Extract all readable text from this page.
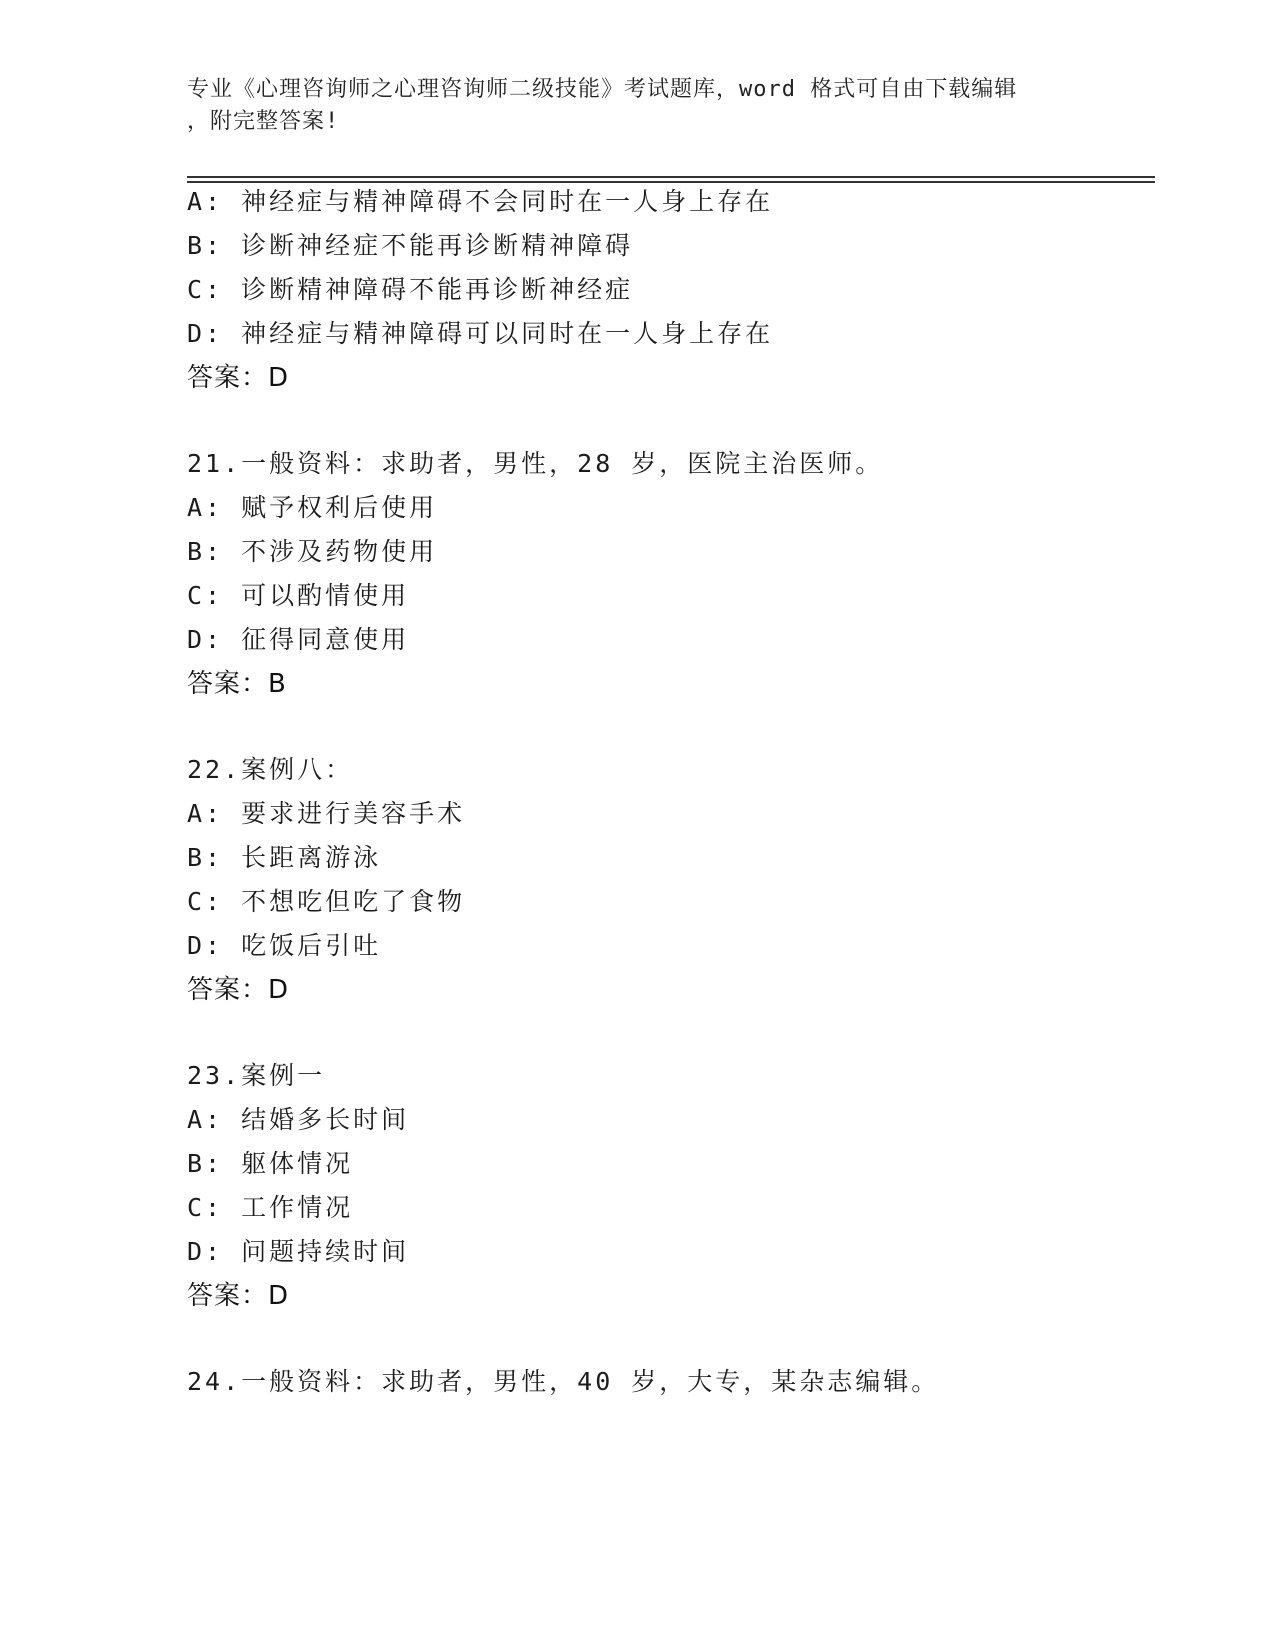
专业《心理咨询师之心理咨询师二级技能》考试题库，word 格式可自由下载编辑
，附完整答案!
A: 神经症与精神障碍不会同时在一人身上存在
B: 诊断神经症不能再诊断精神障碍
C: 诊断精神障碍不能再诊断神经症
D: 神经症与精神障碍可以同时在一人身上存在
答案：D
21.一般资料：求助者，男性，28 岁，医院主治医师。
A: 赋予权利后使用
B: 不涉及药物使用
C: 可以酌情使用
D: 征得同意使用
答案：B
22.案例八：
A: 要求进行美容手术
B: 长距离游泳
C: 不想吃但吃了食物
D: 吃饭后引吐
答案：D
23.案例一
A: 结婚多长时间
B: 躯体情况
C: 工作情况
D: 问题持续时间
答案：D
24.一般资料：求助者，男性，40 岁，大专，某杂志编辑。
